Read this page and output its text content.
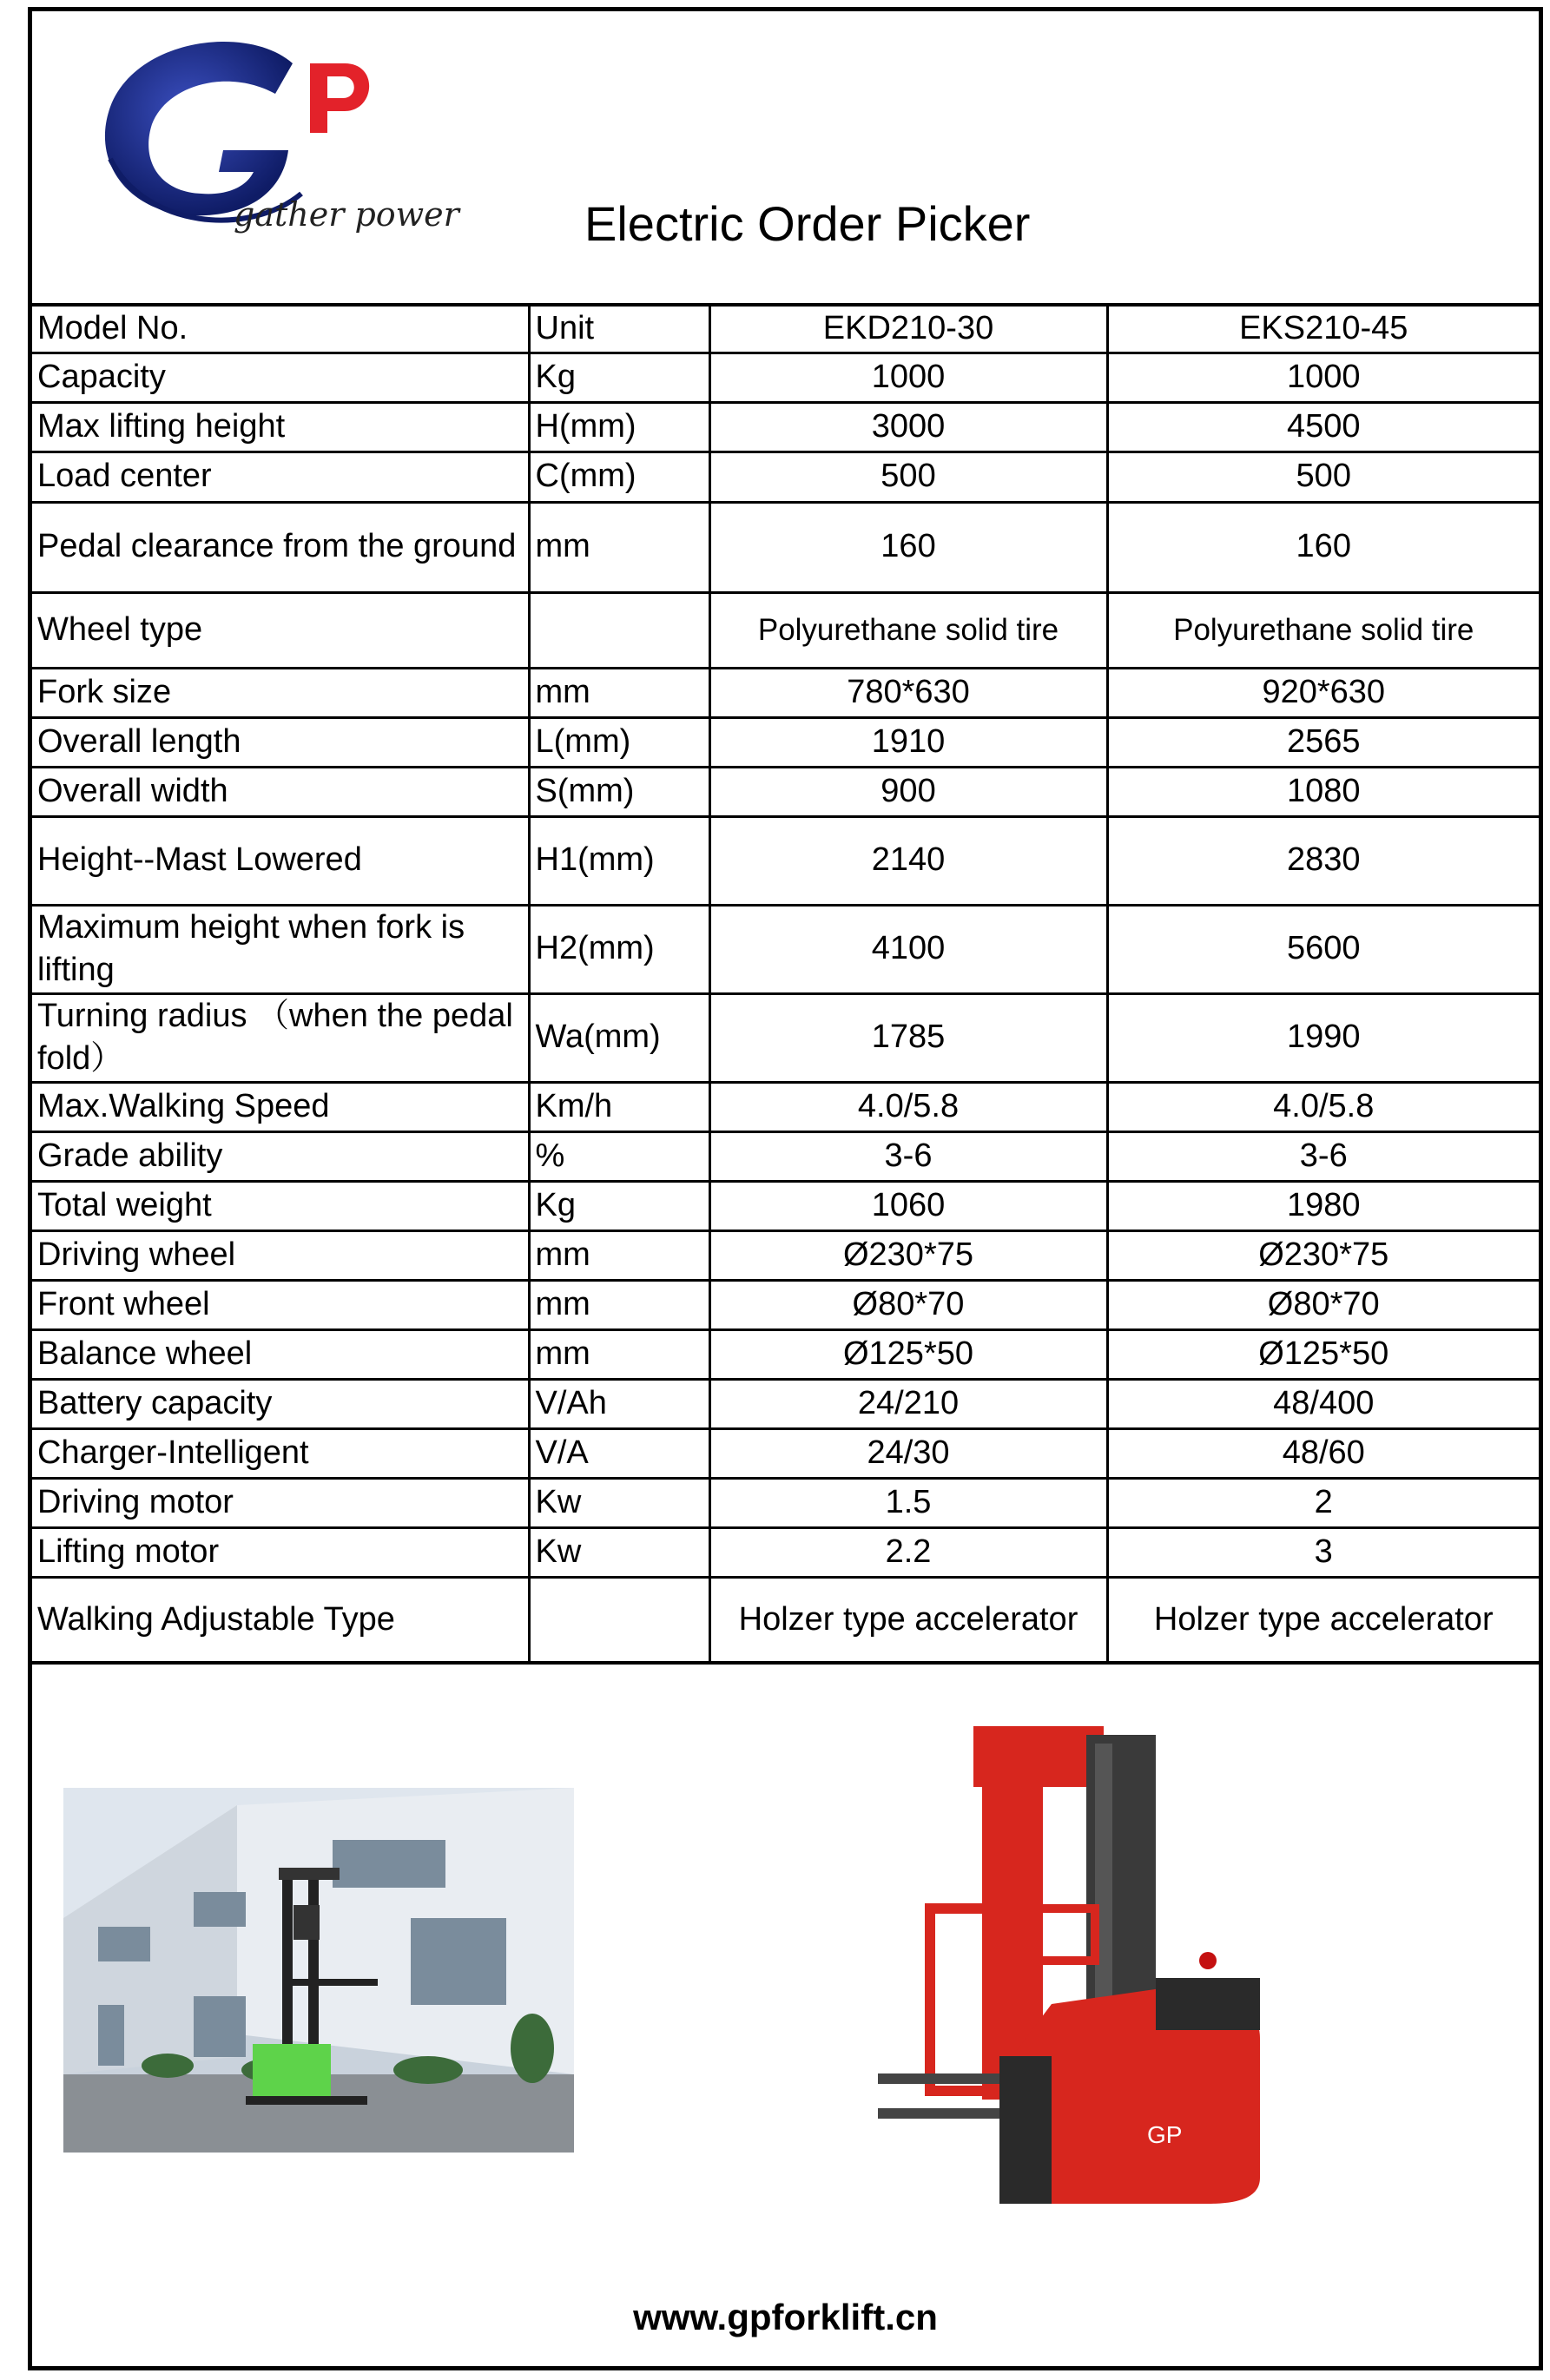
gather power	Electric Order Picker
Model No.	Unit	EKD210-30	EKS210-45
Capacity	Kg	1000	1000
Max lifting height	H(mm)	3000	4500
Load center	C(mm)	500	500
Pedal clearance from the ground	mm	160	160
Wheel type		Polyurethane solid tire	Polyurethane solid tire
Fork size	mm	780*630	920*630
Overall length	L(mm)	1910	2565
Overall width	S(mm)	900	1080
Height--Mast Lowered	H1(mm)	2140	2830
Maximum height when fork is lifting	H2(mm)	4100	5600
Turning radius （when the pedal fold）	Wa(mm)	1785	1990
Max.Walking Speed	Km/h	4.0/5.8	4.0/5.8
Grade ability	%	3-6	3-6
Total weight	Kg	1060	1980
Driving wheel	mm	Ø230*75	Ø230*75
Front wheel	mm	Ø80*70	Ø80*70
Balance wheel	mm	Ø125*50	Ø125*50
Battery capacity	V/Ah	24/210	48/400
Charger-Intelligent	V/A	24/30	48/60
Driving motor	Kw	1.5	2
Lifting motor	Kw	2.2	3
Walking Adjustable Type		Holzer type accelerator	Holzer type accelerator
GP
www.gpforklift.cn
